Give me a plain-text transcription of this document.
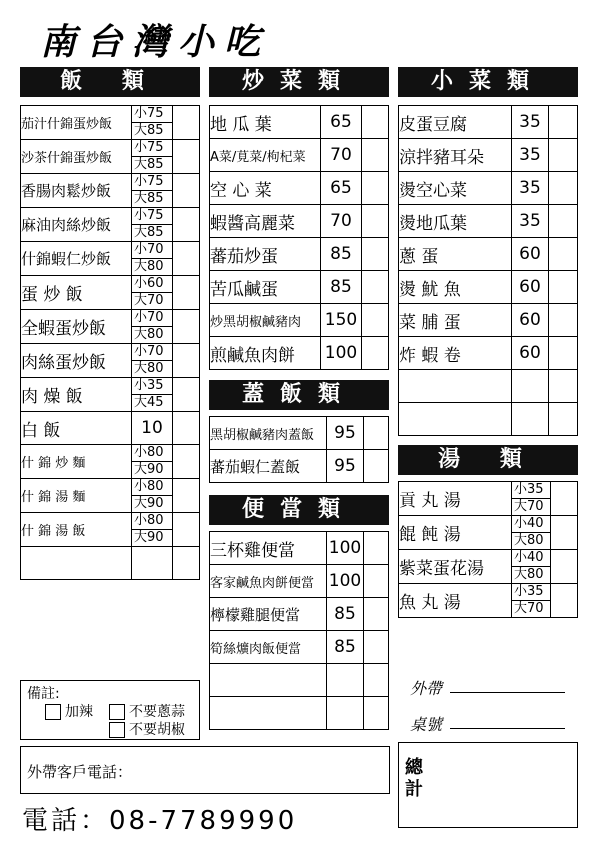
南台灣小吃
飯 類
茄汁什錦蛋炒飯	小75
大85	

沙茶什錦蛋炒飯	小75
大85	

香腸肉鬆炒飯	小75
大85	

麻油肉絲炒飯	小75
大85	

什錦蝦仁炒飯	小70
大80	

蛋 炒 飯	小60
大70	

全蝦蛋炒飯	小70
大80	

肉絲蛋炒飯	小70
大80	

肉 燥 飯	小35
大45	

白 飯	10	
什 錦 炒 麵	小80
大90	

什 錦 湯 麵	小80
大90	

什 錦 湯 飯	小80
大90	

炒菜類
地 瓜 葉	65	
A菜/莧菜/枸杞菜	70	
空 心 菜	65	
蝦醬高麗菜	70	
蕃茄炒蛋	85	
苦瓜鹹蛋	85	
炒黑胡椒鹹豬肉	150	
煎鹹魚肉餅	100	
蓋飯類
黑胡椒鹹豬肉蓋飯	95	
蕃茄蝦仁蓋飯	95	
便當類
三杯雞便當	100	
客家鹹魚肉餅便當	100	
檸檬雞腿便當	85	
筍絲爌肉飯便當	85	

小菜類
皮蛋豆腐	35	
涼拌豬耳朵	35	
燙空心菜	35	
燙地瓜葉	35	
蔥 蛋	60	
燙 魷 魚	60	
菜 脯 蛋	60	
炸 蝦 卷	60	

湯 類
貢 丸 湯	小35
大70	

餛 飩 湯	小40
大80	

紫菜蛋花湯	小40
大80	

魚 丸 湯	小35
大70	

備註:
加辣	不要蔥蒜
不要胡椒
外帶客戶電話：
外帶
桌號
總計
電話：08-7789990
